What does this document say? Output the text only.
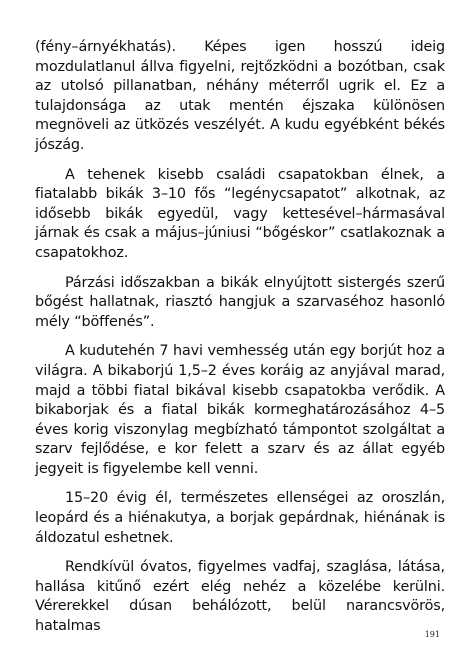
(fény–árnyékhatás). Képes igen hosszú ideig mozdulatlanul állva figyelni, rejtőzködni a bozótban, csak az utolsó pillanatban, néhány méterről ugrik el. Ez a tulajdonsága az utak mentén éjszaka különösen megnöveli az ütközés veszélyét. A kudu egyébként békés jószág.

A tehenek kisebb családi csapatokban élnek, a fiatalabb bikák 3–10 fős “legénycsapatot” alkotnak, az idősebb bikák egyedül, vagy kettesével–hármasával járnak és csak a május–júniusi “bőgéskor” csatlakoznak a csapatokhoz.

Párzási időszakban a bikák elnyújtott sistergés szerű bőgést hallatnak, riasztó hangjuk a szarvaséhoz hasonló mély “böffenés”.

A kudutehén 7 havi vemhesség után egy borjút hoz a világra. A bikaborjú 1,5–2 éves koráig az anyjával marad, majd a többi fiatal bikával kisebb csapatokba verődik. A bikaborjak és a fiatal bikák kormeghatározásához 4–5 éves korig viszonylag megbízható támpontot szolgáltat a szarv fejlődése, e kor felett a szarv és az állat egyéb jegyeit is figyelembe kell venni.

15–20 évig él, természetes ellenségei az oroszlán, leopárd és a hiénakutya, a borjak gepárdnak, hiénának is áldozatul eshetnek.

Rendkívül óvatos, figyelmes vadfaj, szaglása, látása, hallása kitűnő ezért elég nehéz a közelébe kerülni. Vérerekkel dúsan behálózott, belül narancsvörös, hatalmas

191
